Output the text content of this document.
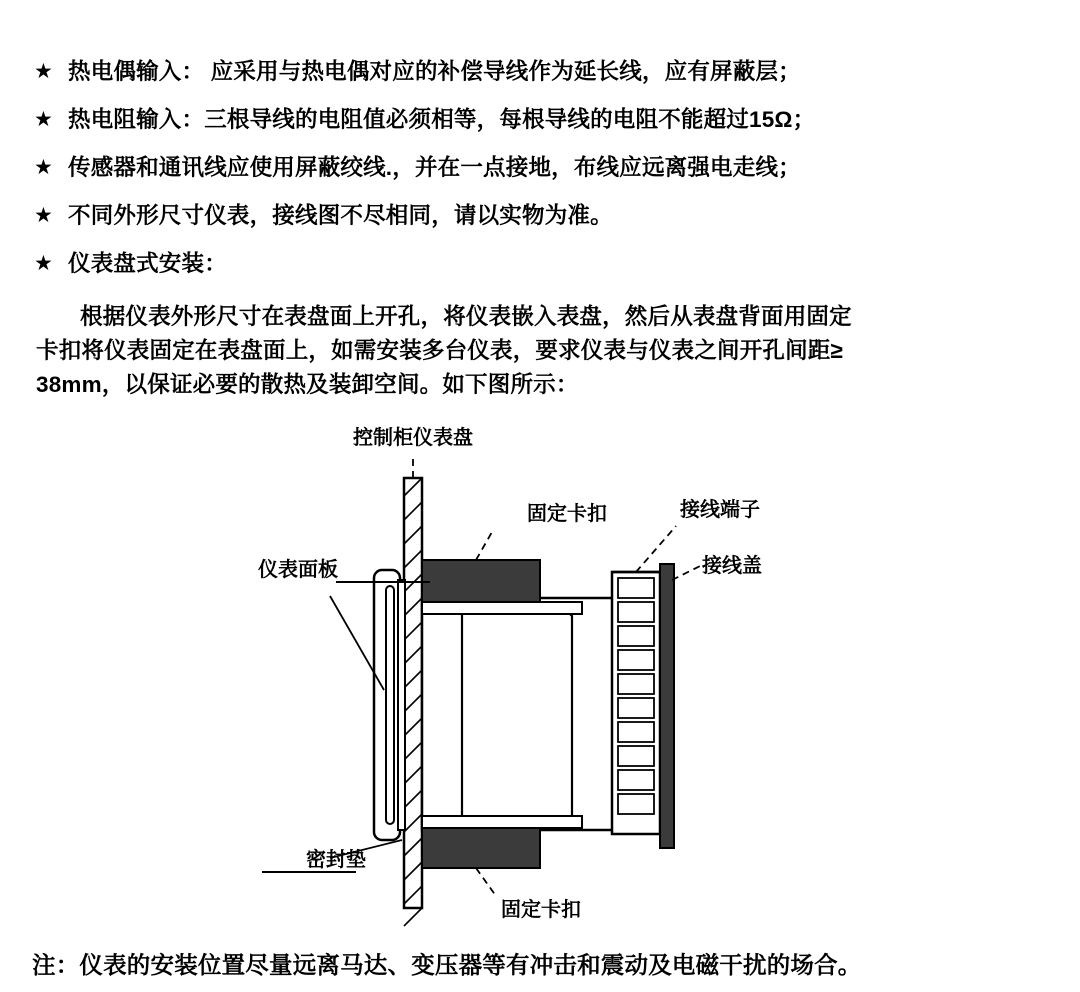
★ 热电偶输入： 应采用与热电偶对应的补偿导线作为延长线，应有屏蔽层；
★ 热电阻输入：三根导线的电阻值必须相等，每根导线的电阻不能超过15Ω；
★ 传感器和通讯线应使用屏蔽绞线.，并在一点接地，布线应远离强电走线；
★ 不同外形尺寸仪表，接线图不尽相同，请以实物为准。
★ 仪表盘式安装：
根据仪表外形尺寸在表盘面上开孔，将仪表嵌入表盘，然后从表盘背面用固定
卡扣将仪表固定在表盘面上，如需安装多台仪表，要求仪表与仪表之间开孔间距≥
38mm，以保证必要的散热及装卸空间。如下图所示：
控制柜仪表盘
固定卡扣
固定卡扣
接线端子
接线盖
仪表面板
密封垫
注：仪表的安装位置尽量远离马达、变压器等有冲击和震动及电磁干扰的场合。
